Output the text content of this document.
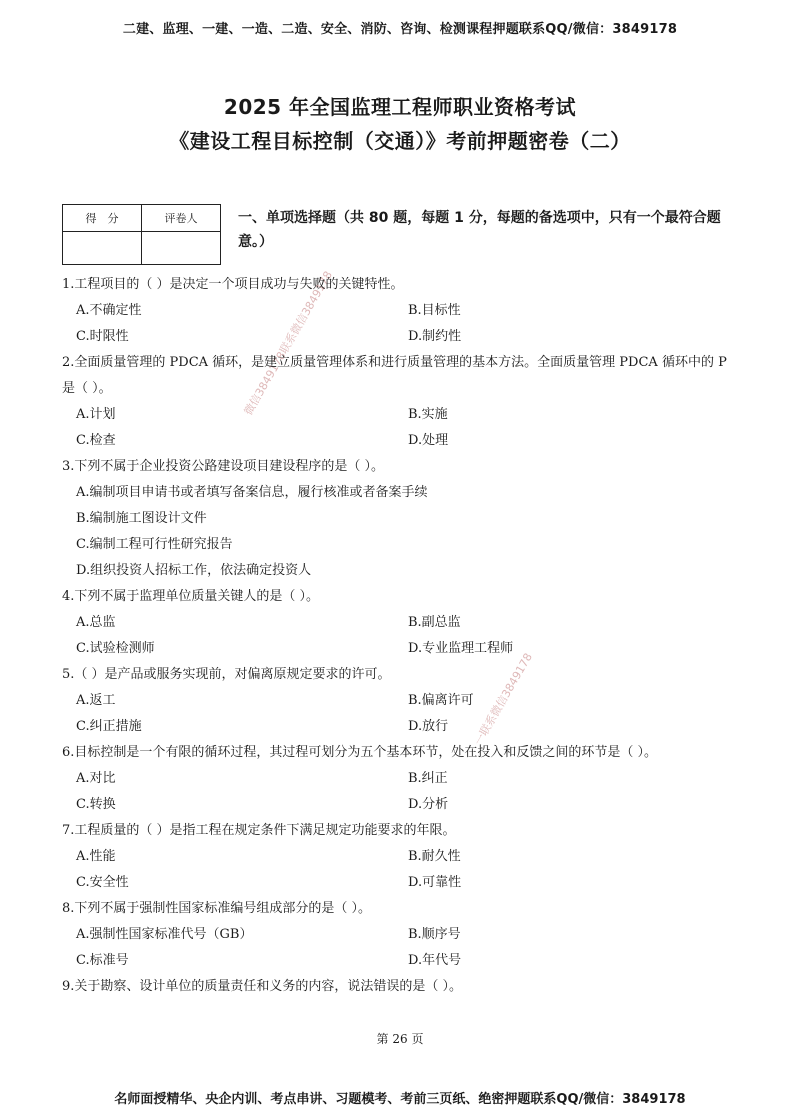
二建、监理、一建、一造、二造、安全、消防、咨询、检测课程押题联系QQ/微信：3849178
2025 年全国监理工程师职业资格考试
《建设工程目标控制（交通）》考前押题密卷（二）
得　分	评卷人
		一、单项选择题（共 80 题，每题 1 分，每题的备选项中，只有一个最符合题意。）
微信3849178联系微信3849178
一联系微信3849178
1.工程项目的（ ）是决定一个项目成功与失败的关键特性。
A.不确定性	B.目标性
C.时限性	D.制约性
2.全面质量管理的 PDCA 循环，是建立质量管理体系和进行质量管理的基本方法。全面质量管理 PDCA 循环中的 P 是（ ）。
A.计划	B.实施
C.检查	D.处理
3.下列不属于企业投资公路建设项目建设程序的是（ ）。
A.编制项目申请书或者填写备案信息，履行核准或者备案手续
B.编制施工图设计文件
C.编制工程可行性研究报告
D.组织投资人招标工作，依法确定投资人
4.下列不属于监理单位质量关键人的是（ ）。
A.总监	B.副总监
C.试验检测师	D.专业监理工程师
5.（ ）是产品或服务实现前，对偏离原规定要求的许可。
A.返工	B.偏离许可
C.纠正措施	D.放行
6.目标控制是一个有限的循环过程，其过程可划分为五个基本环节，处在投入和反馈之间的环节是（ ）。
A.对比	B.纠正
C.转换	D.分析
7.工程质量的（ ）是指工程在规定条件下满足规定功能要求的年限。
A.性能	B.耐久性
C.安全性	D.可靠性
8.下列不属于强制性国家标准编号组成部分的是（ ）。
A.强制性国家标准代号（GB）	B.顺序号
C.标准号	D.年代号
9.关于勘察、设计单位的质量责任和义务的内容，说法错误的是（ ）。
第 26 页
名师面授精华、央企内训、考点串讲、习题模考、考前三页纸、绝密押题联系QQ/微信：3849178
